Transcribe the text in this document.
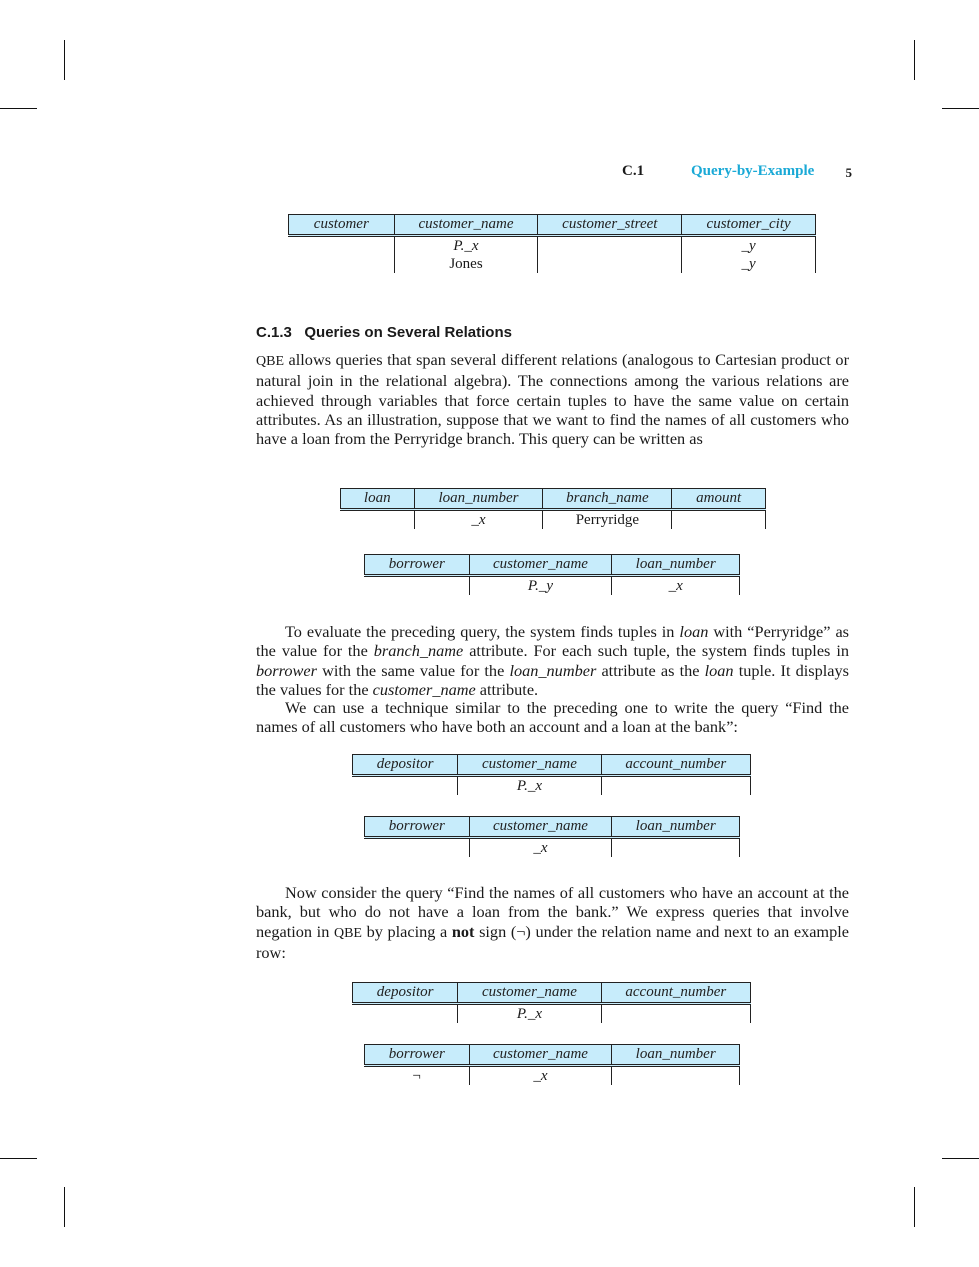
C.1	Query-by-Example 5
customer	customer_name	customer_street	customer_city
	P._x		_y
	Jones		_y
C.1.3 Queries on Several Relations
QBE allows queries that span several different relations (analogous to Cartesian product or natural join in the relational algebra). The connections among the various relations are achieved through variables that force certain tuples to have the same value on certain attributes. As an illustration, suppose that we want to find the names of all customers who have a loan from the Perryridge branch. This query can be written as
loan	loan_number	branch_name	amount
	_x	Perryridge	
borrower	customer_name	loan_number
	P._y	_x
To evaluate the preceding query, the system finds tuples in loan with “Perryridge” as the value for the branch_name attribute. For each such tuple, the system finds tuples in borrower with the same value for the loan_number attribute as the loan tuple. It displays the values for the customer_name attribute.
We can use a technique similar to the preceding one to write the query “Find the names of all customers who have both an account and a loan at the bank”:
depositor	customer_name	account_number
	P._x	
borrower	customer_name	loan_number
	_x	
Now consider the query “Find the names of all customers who have an account at the bank, but who do not have a loan from the bank.” We express queries that involve negation in QBE by placing a not sign (¬) under the relation name and next to an example row:
depositor	customer_name	account_number
	P._x	
borrower	customer_name	loan_number
¬	_x	
